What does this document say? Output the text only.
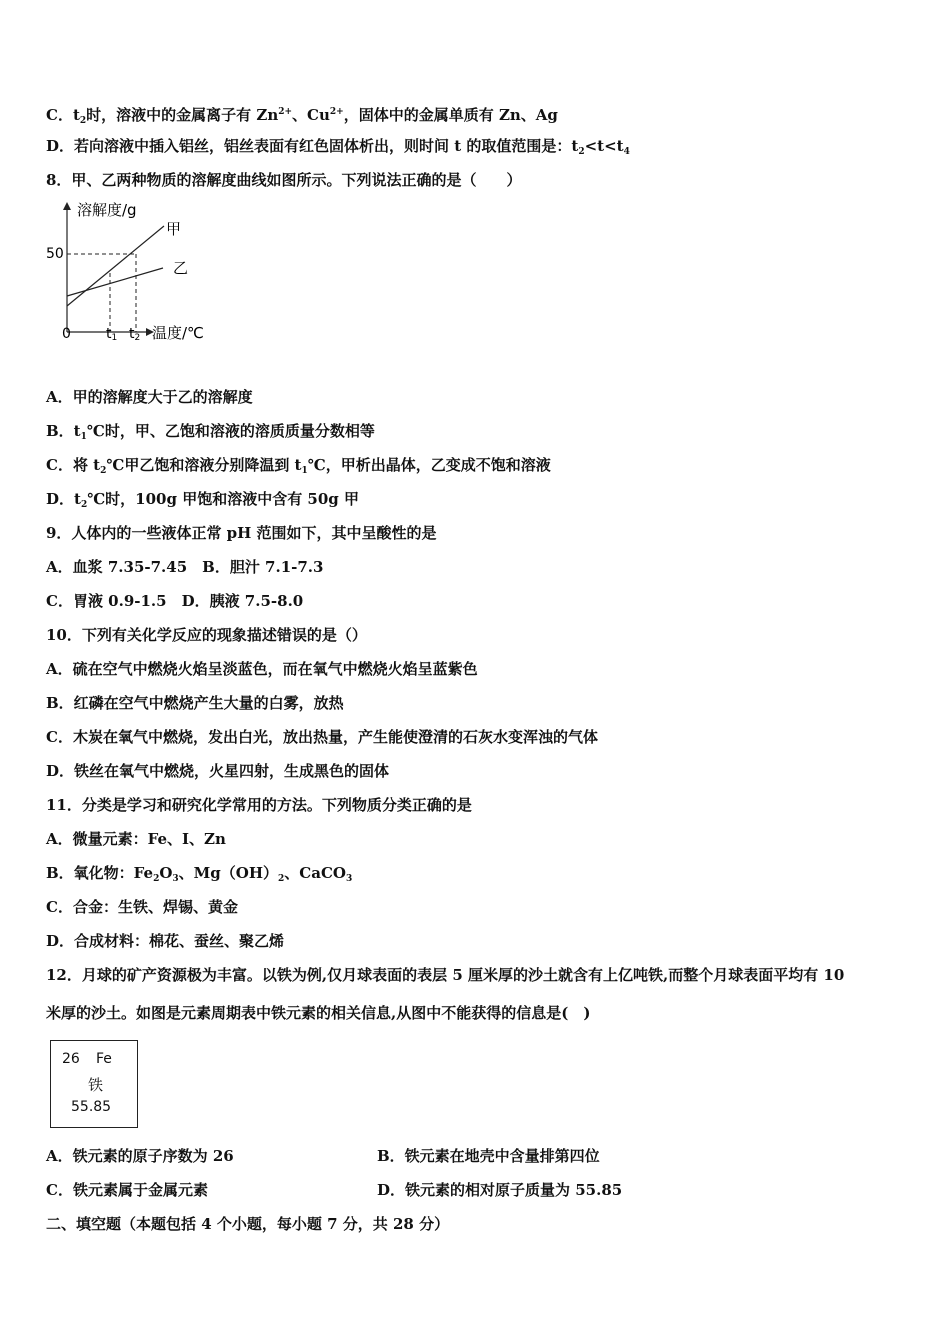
C．$t_2$时，溶液中的金属离子有 $Zn^{2+}$、$Cu^{2+}$，固体中的金属单质有 Zn、Ag
D．若向溶液中插入铝丝，铝丝表面有红色固体析出，则时间 t 的取值范围是：$t_2<t<t_4$
8．甲、乙两种物质的溶解度曲线如图所示。下列说法正确的是（　　）
溶解度/g
50
0	t1 t2 温度/℃
甲
乙
A．甲的溶解度大于乙的溶解度
B．$t_1℃$时，甲、乙饱和溶液的溶质质量分数相等
C．将 $t_2℃$甲乙饱和溶液分别降温到 $t_1℃$，甲析出晶体，乙变成不饱和溶液
D．$t_2℃$时，100g 甲饱和溶液中含有 50g 甲
9．人体内的一些液体正常 pH 范围如下，其中呈酸性的是
A．血浆 7.35-7.45　B．胆汁 7.1-7.3
C．胃液 0.9-1.5　D．胰液 7.5-8.0
10．下列有关化学反应的现象描述错误的是（）
A．硫在空气中燃烧火焰呈淡蓝色，而在氧气中燃烧火焰呈蓝紫色
B．红磷在空气中燃烧产生大量的白雾，放热
C．木炭在氧气中燃烧，发出白光，放出热量，产生能使澄清的石灰水变浑浊的气体
D．铁丝在氧气中燃烧，火星四射，生成黑色的固体
11．分类是学习和研究化学常用的方法。下列物质分类正确的是
A．微量元素：Fe、I、Zn
B．氧化物：$Fe_2O_3$、$Mg(OH)_2$、CaCO$_3$
C．合金：生铁、焊锡、黄金
D．合成材料：棉花、蚕丝、聚乙烯
12．月球的矿产资源极为丰富。以铁为例,仅月球表面的表层 5 厘米厚的沙土就含有上亿吨铁,而整个月球表面平均有 10
米厚的沙土。如图是元素周期表中铁元素的相关信息,从图中不能获得的信息是(　)
26 Fe
铁
55.85
A．铁元素的原子序数为 26	B．铁元素在地壳中含量排第四位
C．铁元素属于金属元素	D．铁元素的相对原子质量为 55.85
二、填空题（本题包括 4 个小题，每小题 7 分，共 28 分）
